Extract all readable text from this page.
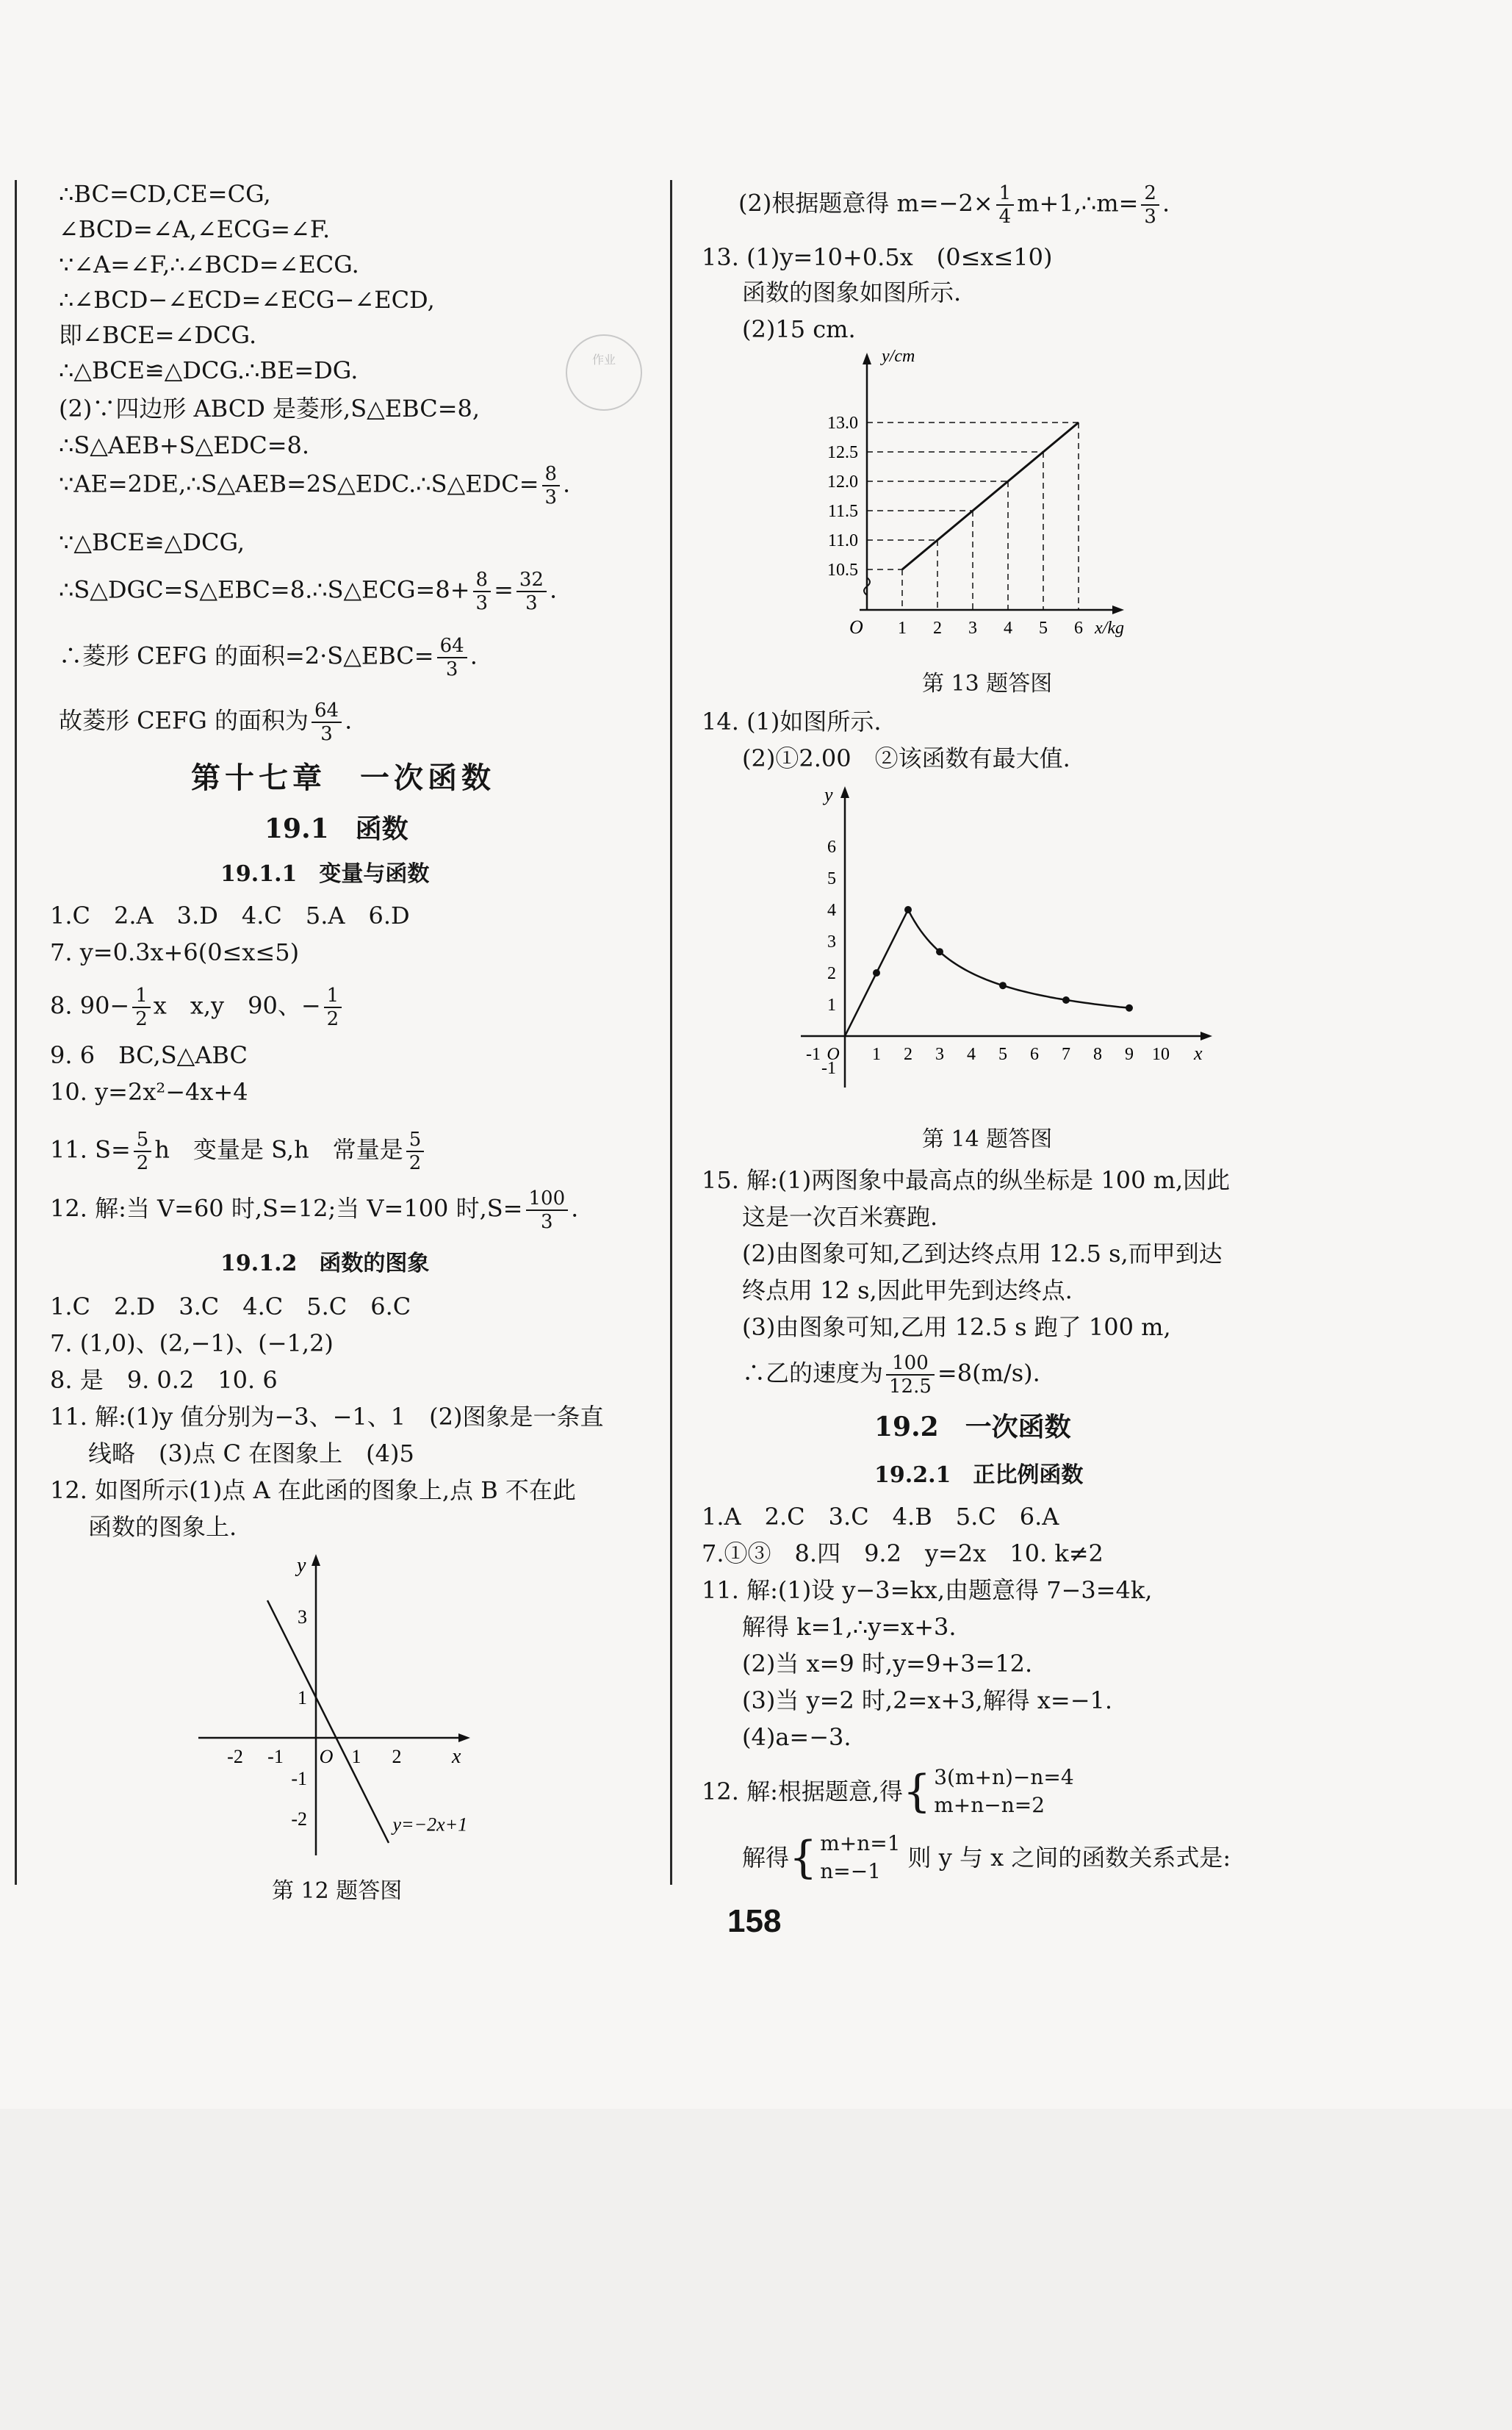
作业
∴BC=CD,CE=CG,
∠BCD=∠A,∠ECG=∠F.
∵∠A=∠F,∴∠BCD=∠ECG.
∴∠BCD−∠ECD=∠ECG−∠ECD,
即∠BCE=∠DCG.
∴△BCE≌△DCG.∴BE=DG.
(2)∵四边形 ABCD 是菱形,S△EBC=8,
∴S△AEB+S△EDC=8.
∵AE=2DE,∴S△AEB=2S△EDC.∴S△EDC= $\frac{8}{3}$ .
∵△BCE≌△DCG,
∴S△DGC=S△EBC=8.∴S△ECG=8+ $\frac{8}{3} = \frac{32}{3}$ .
∴菱形 CEFG 的面积=2·S△EBC= $\frac{64}{3}$ .
故菱形 CEFG 的面积为 $\frac{64}{3}$ .
第十七章　一次函数
19.1　函数
19.1.1　变量与函数
1.C　2.A　3.D　4.C　5.A　6.D
7. y=0.3x+6(0≤x≤5)
8. $90- \frac{1}{2}$ x　x,y　90、− $\frac{1}{2}$
9. 6　BC,S△ABC
10. y=2x²−4x+4
11. $S= \frac{5}{2}$ h　变量是 S,h　常量是 $\frac{5}{2}$
12. 解:当 V=60 时,S=12;当 V=100 时$,S= \frac{100}{3}$ .
19.1.2　函数的图象
1.C　2.D　3.C　4.C　5.C　6.C
7. (1,0)、(2,−1)、(−1,2)
8. 是　9. 0.2　10. 6
11. 解:(1)y 值分别为−3、−1、1　(2)图象是一条直
线略　(3)点 C 在图象上　(4)5
12. 如图所示(1)点 A 在此函的图象上,点 B 不在此
函数的图象上.
-2 -1 O 1 2 x
y
-2
-1
1
3
y=−2x+1
第 12 题答图
(2)根据题意得 $m=-2\times \frac{1}{4}$ m+1,∴m= $\frac{2}{3}$ .
13. (1)y=10+0.5x　(0≤x≤10)
函数的图象如图所示.
(2)15 cm.
1 2 3 4 5 6
O	x/kg
y/cm
10.5
11.0
11.5
12.0
12.5
13.0
第 13 题答图
14. (1)如图所示.
(2)①2.00　②该函数有最大值.
-1 O 1 2 3 4 5 6 7 8 9 10 x
y
-1
1
2
3
4
5
6
第 14 题答图
15. 解:(1)两图象中最高点的纵坐标是 100 m,因此
这是一次百米赛跑.
(2)由图象可知,乙到达终点用 12.5 s,而甲到达
终点用 12 s,因此甲先到达终点.
(3)由图象可知,乙用 12.5 s 跑了 100 m,
∴乙的速度为 $\frac{100}{12.5} =8(m/s)$.
19.2　一次函数
19.2.1　正比例函数
1.A　2.C　3.C　4.B　5.C　6.A
7.①③　8.四　9.2　y=2x　10. k≠2
11. 解:(1)设 y−3=kx,由题意得 7−3=4k,
解得 k=1,∴y=x+3.
(2)当 x=9 时,y=9+3=12.
(3)当 y=2 时,2=x+3,解得 x=−1.
(4)a=−3.
12. 解:根据题意,得{ 3(m+n)−n=4
m+n−n=2
解得{ m+n=1
n=−1	则 y 与 x 之间的函数关系式是:
158
